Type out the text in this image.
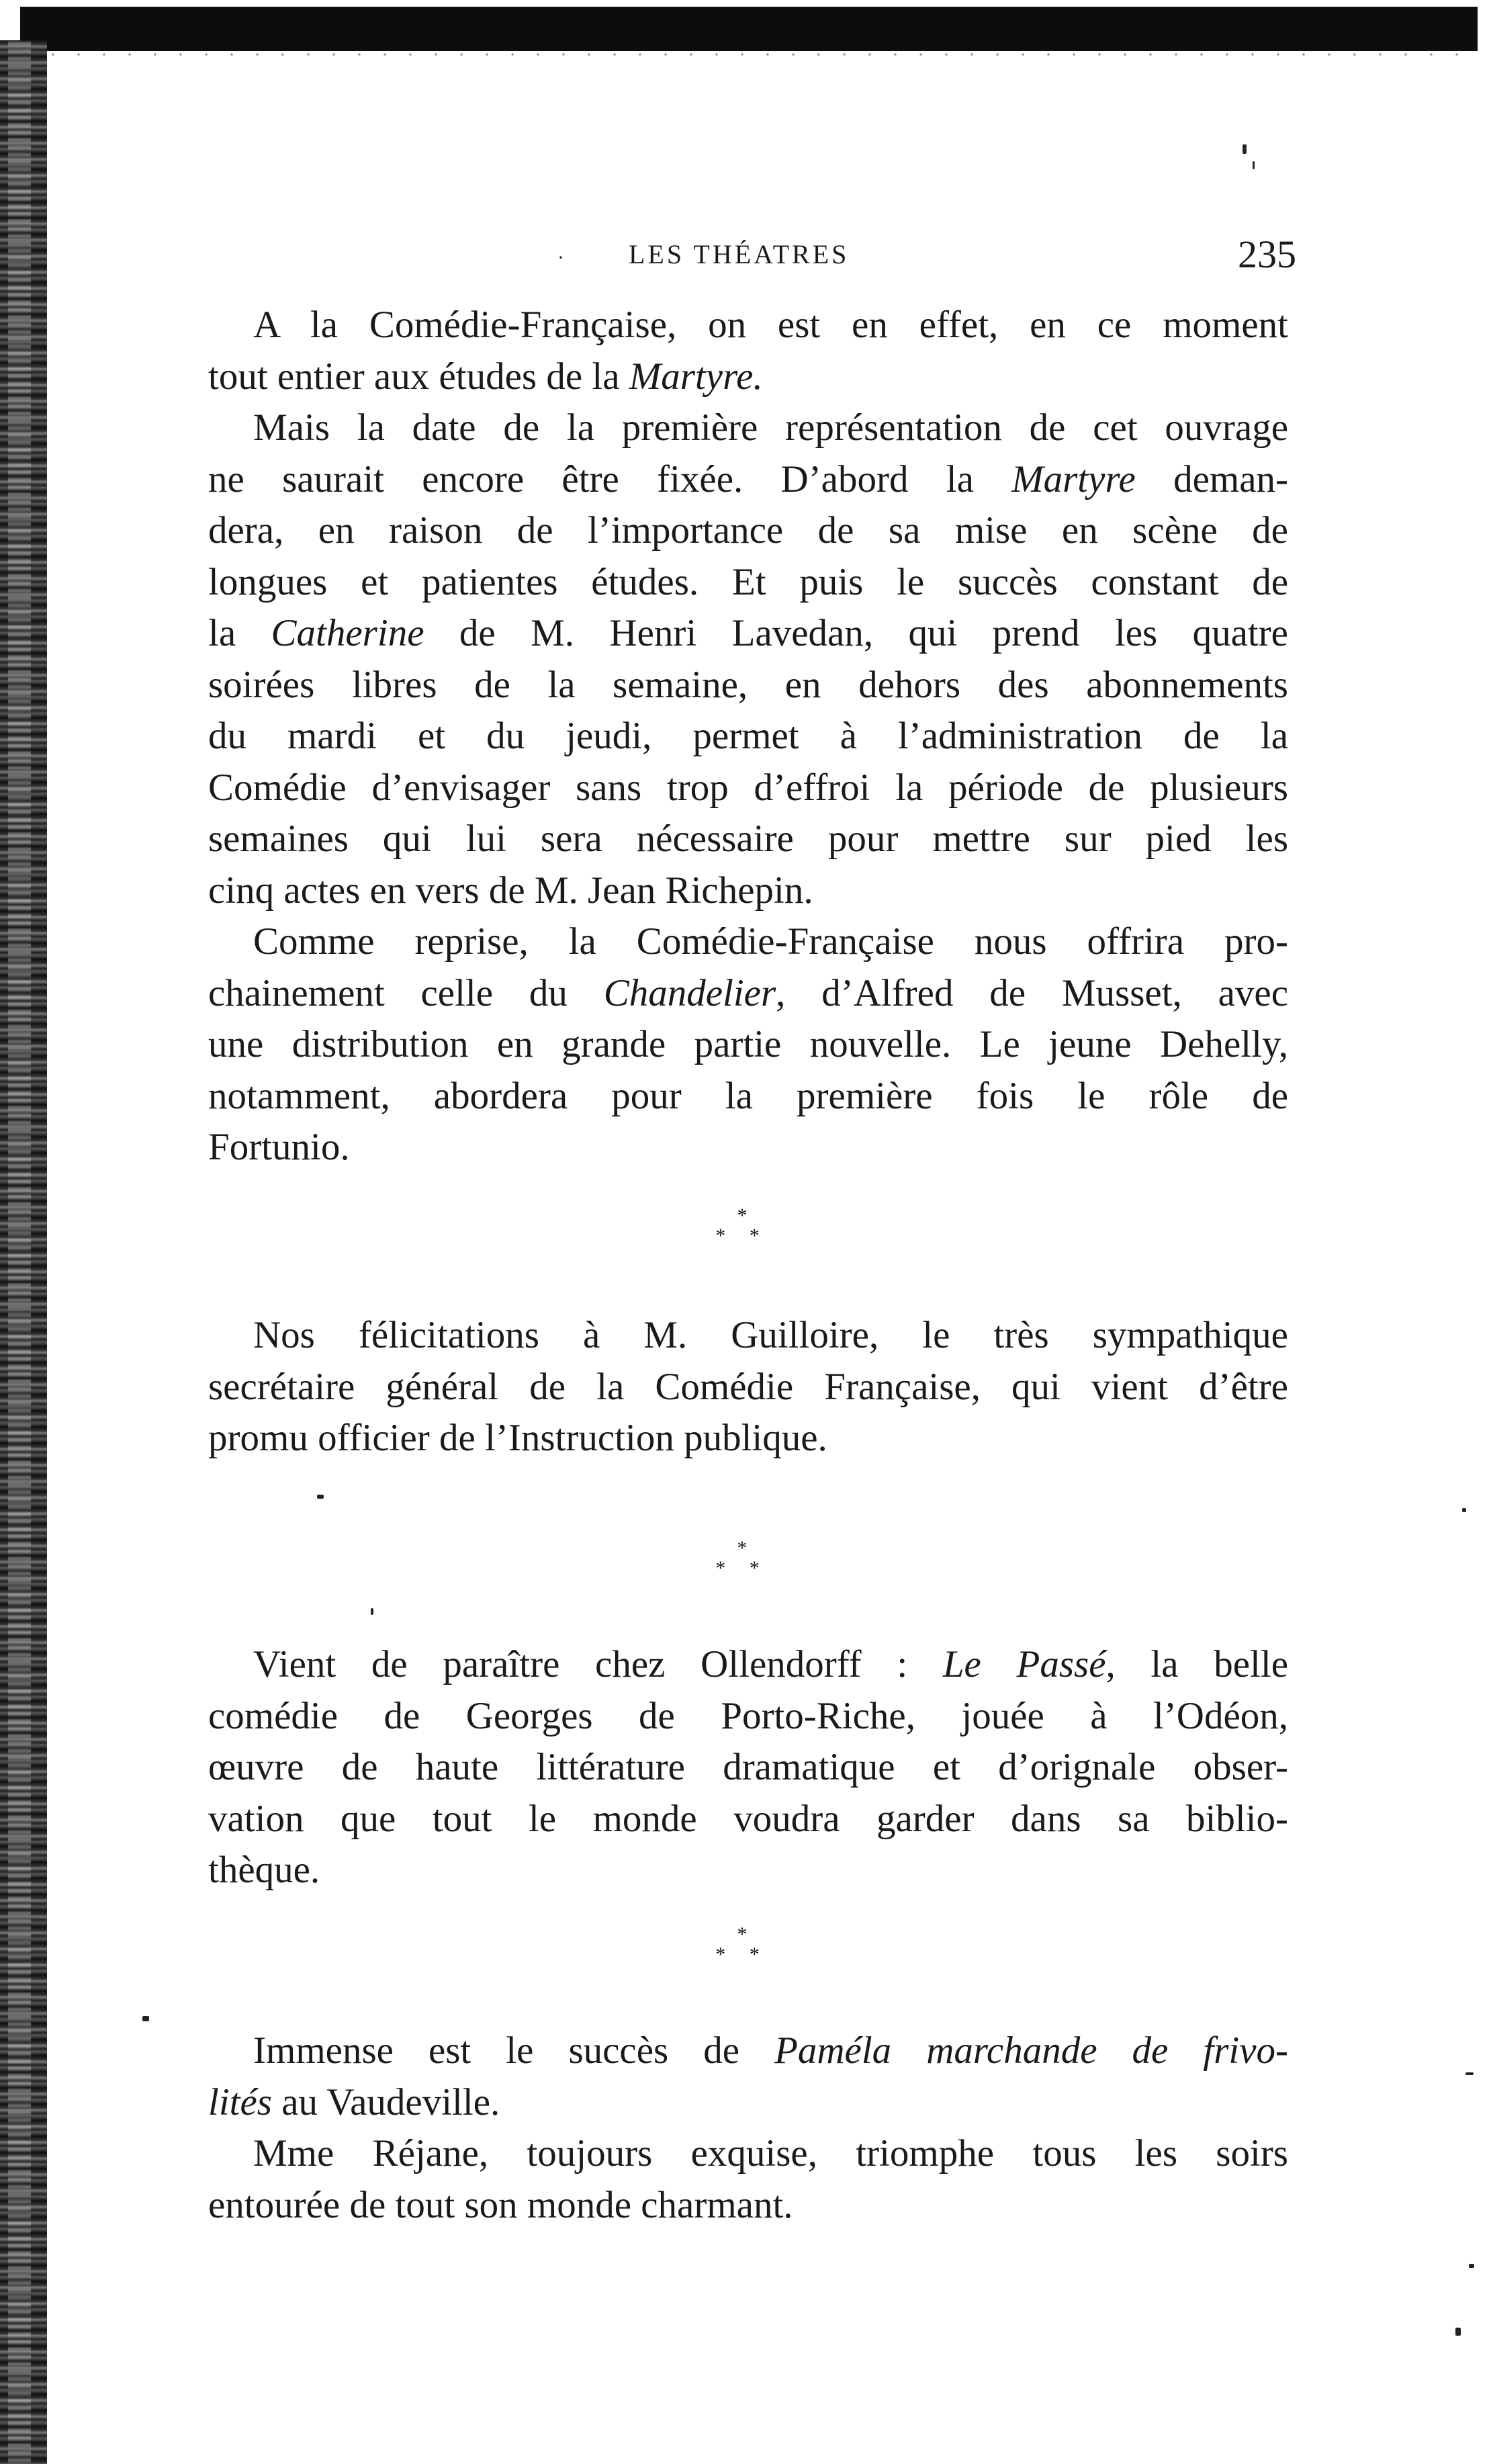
· LES THÉATRES	235
A la Comédie-Française, on est en effet, en ce moment
tout entier aux études de la Martyre.
Mais la date de la première représentation de cet ouvrage
ne saurait encore être fixée. D’abord la Martyre deman-
dera, en raison de l’importance de sa mise en scène de
longues et patientes études. Et puis le succès constant de
la Catherine de M. Henri Lavedan, qui prend les quatre
soirées libres de la semaine, en dehors des abonnements
du mardi et du jeudi, permet à l’administration de la
Comédie d’envisager sans trop d’effroi la période de plusieurs
semaines qui lui sera nécessaire pour mettre sur pied les
cinq actes en vers de M. Jean Richepin.
Comme reprise, la Comédie-Française nous offrira pro-
chainement celle du Chandelier, d’Alfred de Musset, avec
une distribution en grande partie nouvelle. Le jeune Dehelly,
notamment, abordera pour la première fois le rôle de
Fortunio.
*
* *
Nos félicitations à M. Guilloire, le très sympathique
secrétaire général de la Comédie Française, qui vient d’être
promu officier de l’Instruction publique.
*
* *
Vient de paraître chez Ollendorff : Le Passé, la belle
comédie de Georges de Porto-Riche, jouée à l’Odéon,
œuvre de haute littérature dramatique et d’orignale obser-
vation que tout le monde voudra garder dans sa biblio-
thèque.
*
* *
Immense est le succès de Paméla marchande de frivo-
lités au Vaudeville.
Mme Réjane, toujours exquise, triomphe tous les soirs
entourée de tout son monde charmant.
